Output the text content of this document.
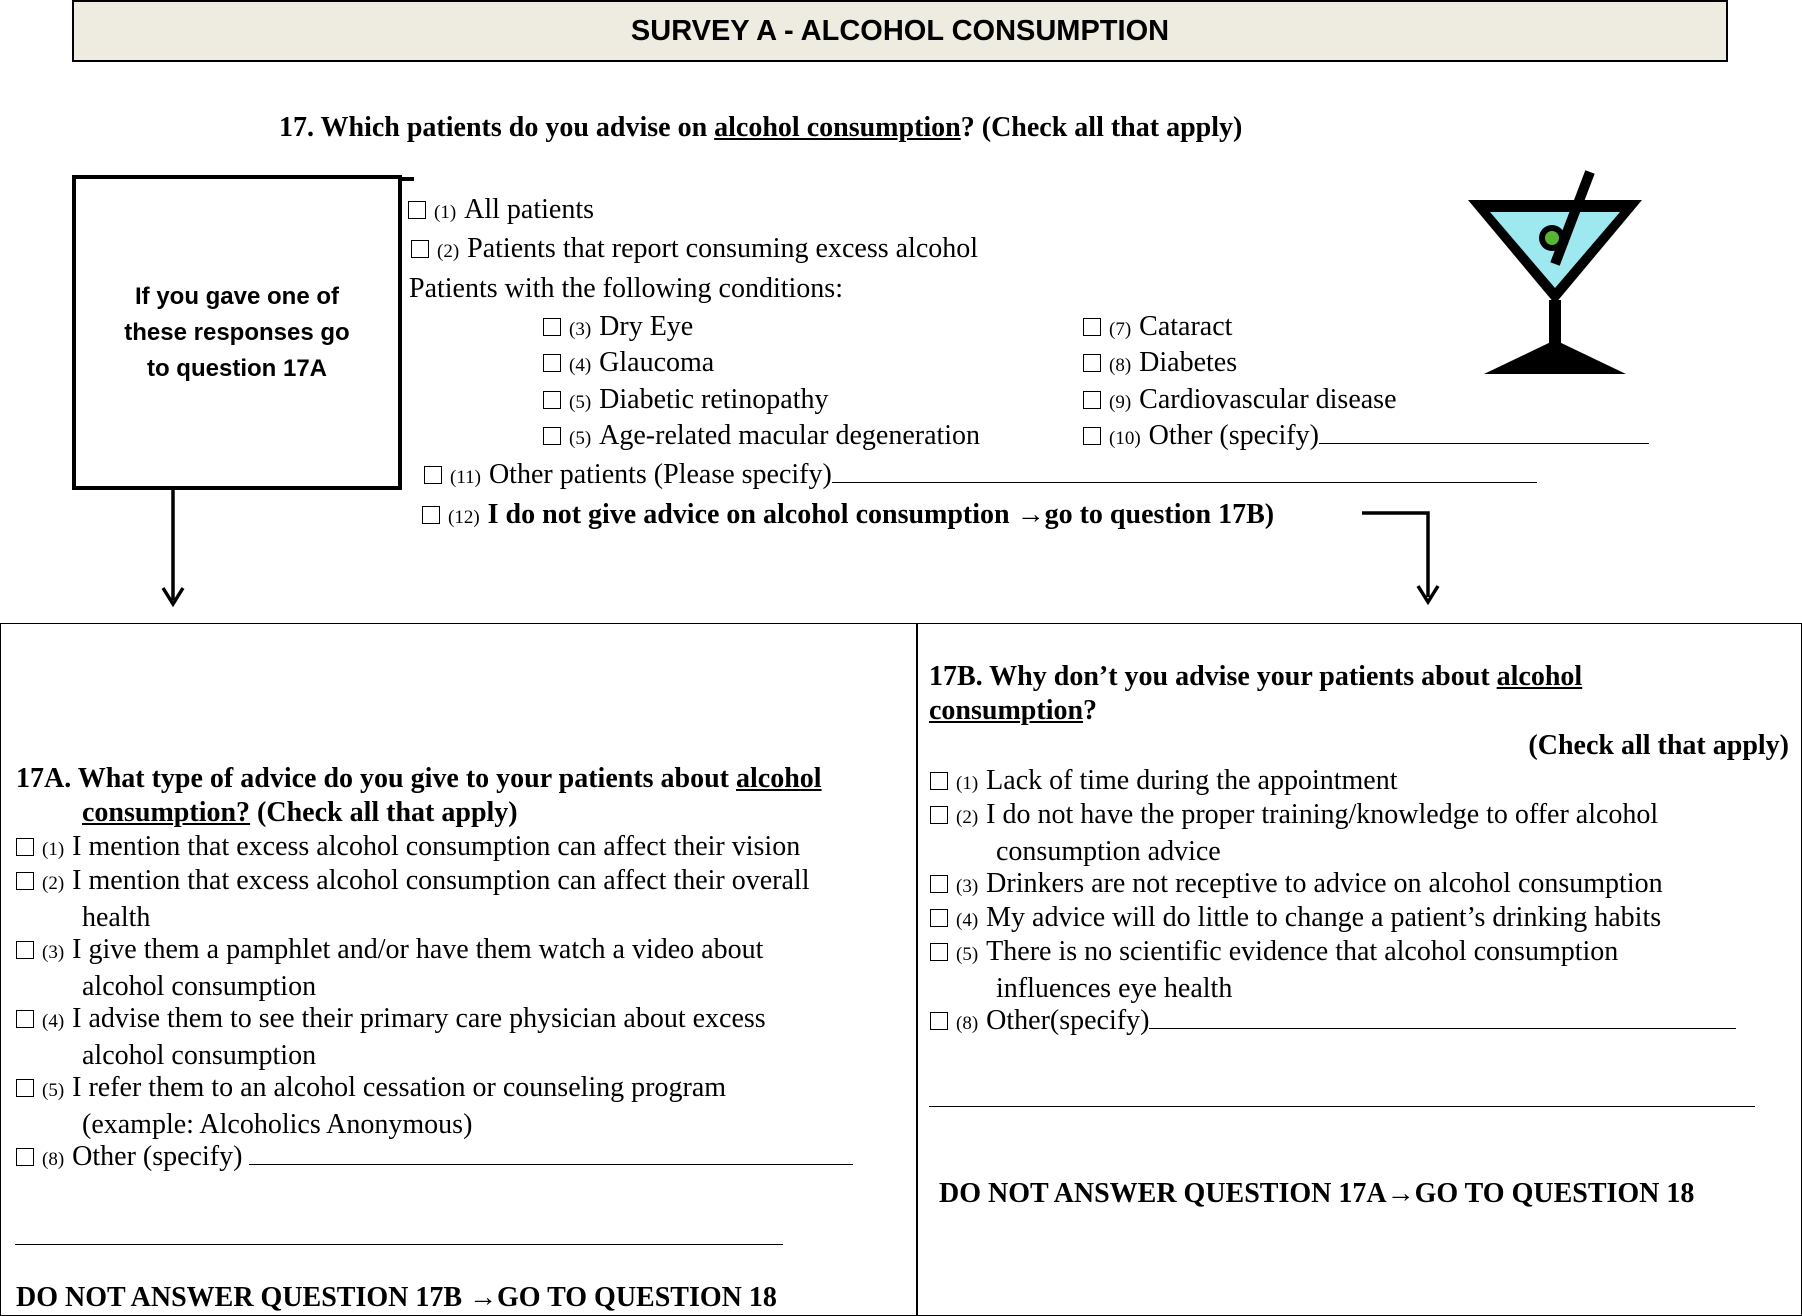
SURVEY A - ALCOHOL CONSUMPTION
17. Which patients do you advise on alcohol consumption? (Check all that apply)
If you gave one of these responses go to question 17A
(1) All patients
(2) Patients that report consuming excess alcohol
Patients with the following conditions:
(3) Dry Eye
(4) Glaucoma
(5) Diabetic retinopathy
(5) Age-related macular degeneration
(7) Cataract
(8) Diabetes
(9) Cardiovascular disease
(10) Other (specify)
(11) Other patients (Please specify)
(12) I do not give advice on alcohol consumption →go to question 17B)
17A. What type of advice do you give to your patients about alcohol
consumption? (Check all that apply)
(1) I mention that excess alcohol consumption can affect their vision
(2) I mention that excess alcohol consumption can affect their overall
health
(3) I give them a pamphlet and/or have them watch a video about
alcohol consumption
(4) I advise them to see their primary care physician about excess
alcohol consumption
(5) I refer them to an alcohol cessation or counseling program
(example: Alcoholics Anonymous)
(8) Other (specify)
DO NOT ANSWER QUESTION 17B →GO TO QUESTION 18
17B. Why don’t you advise your patients about alcohol
consumption?
(Check all that apply)
(1) Lack of time during the appointment
(2) I do not have the proper training/knowledge to offer alcohol
consumption advice
(3) Drinkers are not receptive to advice on alcohol consumption
(4) My advice will do little to change a patient’s drinking habits
(5) There is no scientific evidence that alcohol consumption
influences eye health
(8) Other(specify)
DO NOT ANSWER QUESTION 17A→GO TO QUESTION 18
